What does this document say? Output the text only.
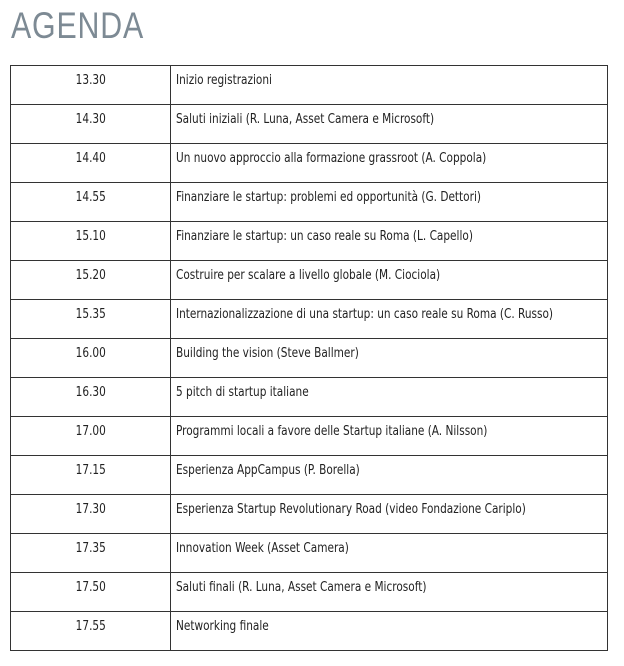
AGENDA
13.30	Inizio registrazioni
14.30	Saluti iniziali (R. Luna, Asset Camera e Microsoft)
14.40	Un nuovo approccio alla formazione grassroot (A. Coppola)
14.55	Finanziare le startup: problemi ed opportunità (G. Dettori)
15.10	Finanziare le startup: un caso reale su Roma (L. Capello)
15.20	Costruire per scalare a livello globale (M. Ciociola)
15.35	Internazionalizzazione di una startup: un caso reale su Roma (C. Russo)
16.00	Building the vision (Steve Ballmer)
16.30	5 pitch di startup italiane
17.00	Programmi locali a favore delle Startup italiane (A. Nilsson)
17.15	Esperienza AppCampus (P. Borella)
17.30	Esperienza Startup Revolutionary Road (video Fondazione Cariplo)
17.35	Innovation Week (Asset Camera)
17.50	Saluti finali (R. Luna, Asset Camera e Microsoft)
17.55	Networking finale
